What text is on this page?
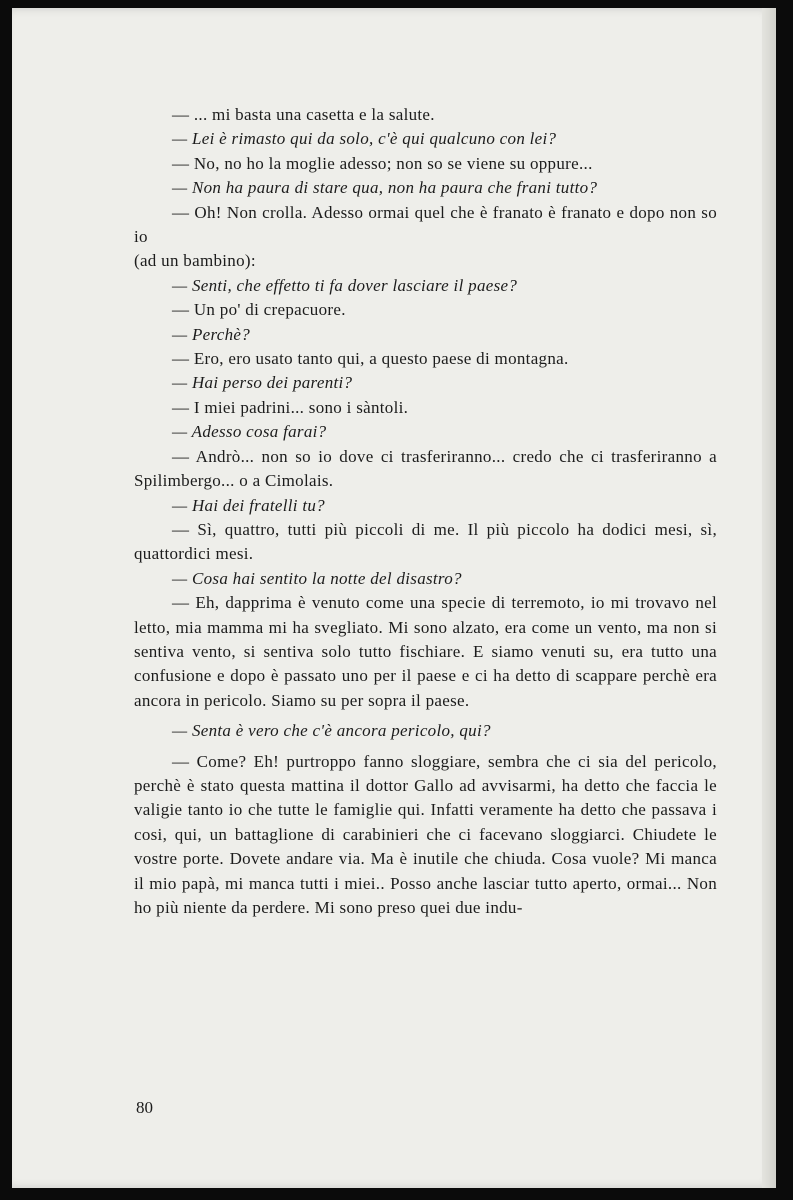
— ... mi basta una casetta e la salute.

— Lei è rimasto qui da solo, c'è qui qualcuno con lei?

— No, no ho la moglie adesso; non so se viene su oppure...

— Non ha paura di stare qua, non ha paura che frani tutto?

— Oh! Non crolla. Adesso ormai quel che è franato è franato e dopo non so io

(ad un bambino):

— Senti, che effetto ti fa dover lasciare il paese?

— Un po' di crepacuore.

— Perchè?

— Ero, ero usato tanto qui, a questo paese di montagna.

— Hai perso dei parenti?

— I miei padrini... sono i sàntoli.

— Adesso cosa farai?

— Andrò... non so io dove ci trasferiranno... credo che ci trasferiranno a Spilimbergo... o a Cimolais.

— Hai dei fratelli tu?

— Sì, quattro, tutti più piccoli di me. Il più piccolo ha dodici mesi, sì, quattordici mesi.

— Cosa hai sentito la notte del disastro?

— Eh, dapprima è venuto come una specie di terremoto, io mi trovavo nel letto, mia mamma mi ha svegliato. Mi sono alzato, era come un vento, ma non si sentiva vento, si sentiva solo tutto fischiare. E siamo venuti su, era tutto una confusione e dopo è passato uno per il paese e ci ha detto di scappare perchè era ancora in pericolo. Siamo su per sopra il paese.

— Senta è vero che c'è ancora pericolo, qui?

— Come? Eh! purtroppo fanno sloggiare, sembra che ci sia del pericolo, perchè è stato questa mattina il dottor Gallo ad avvisarmi, ha detto che faccia le valigie tanto io che tutte le famiglie qui. Infatti veramente ha detto che passava i cosi, qui, un battaglione di carabinieri che ci facevano sloggiarci. Chiudete le vostre porte. Dovete andare via. Ma è inutile che chiuda. Cosa vuole? Mi manca il mio papà, mi manca tutti i miei.. Posso anche lasciar tutto aperto, ormai... Non ho più niente da perdere. Mi sono preso quei due indu-

80
